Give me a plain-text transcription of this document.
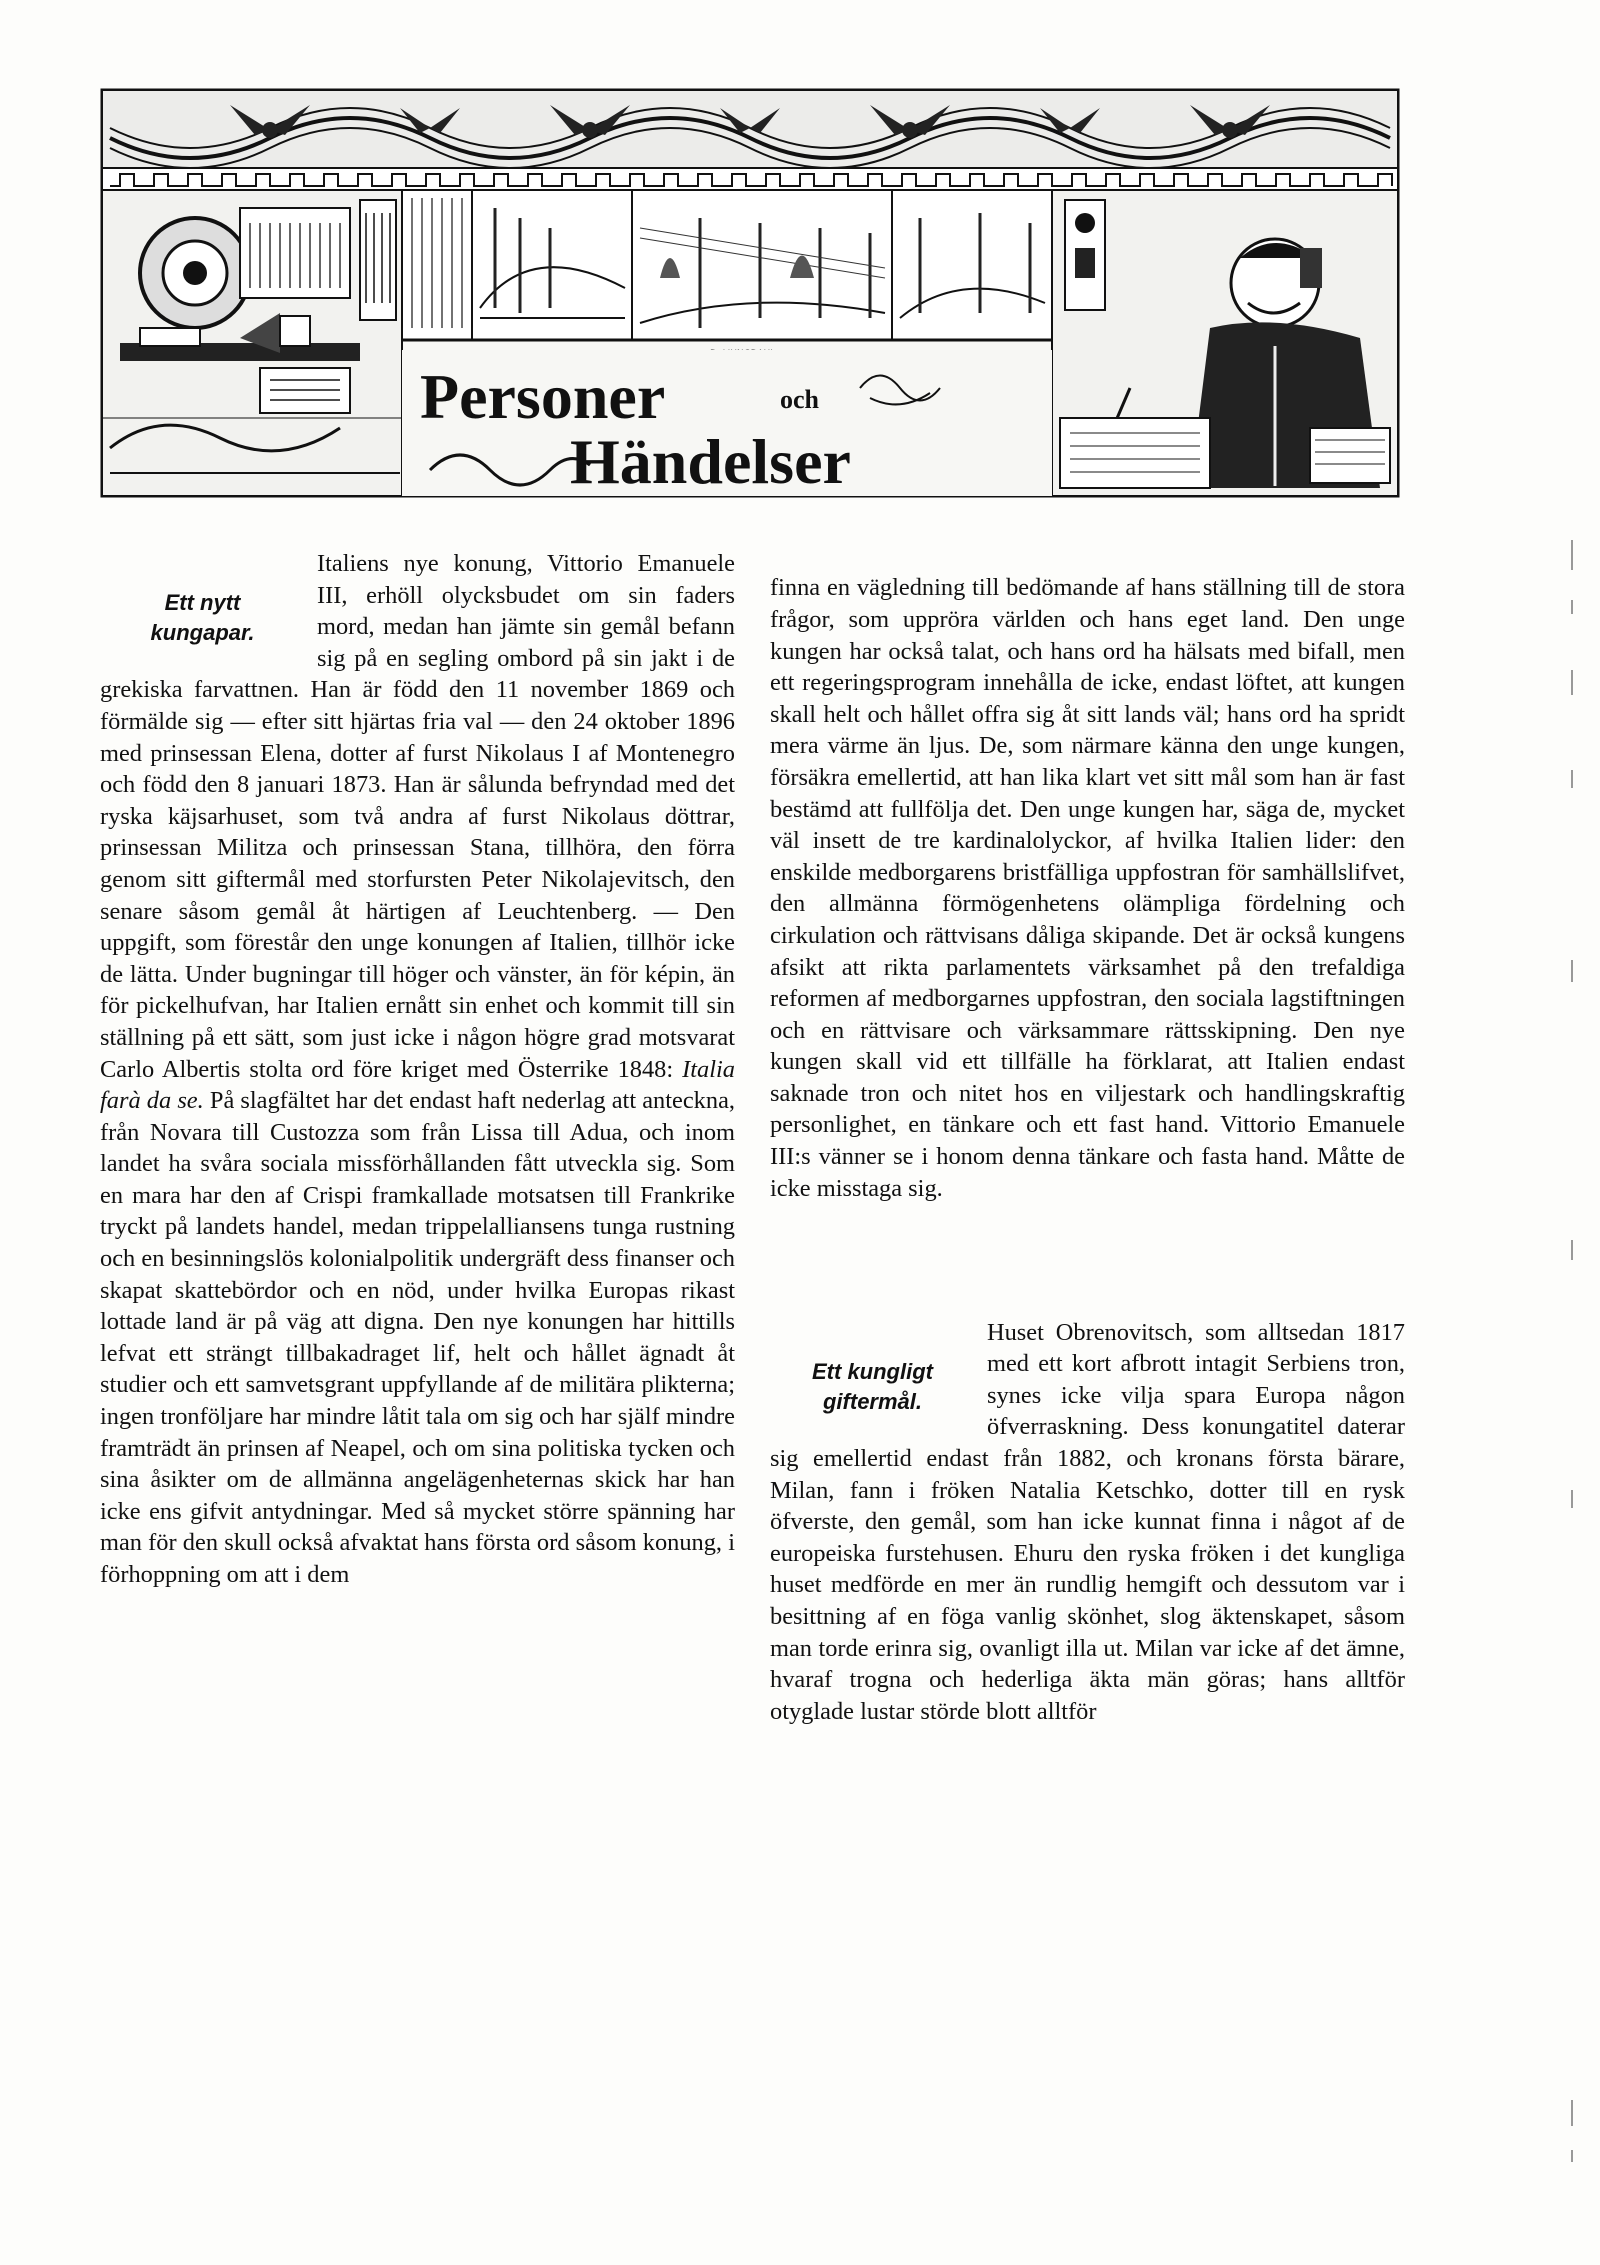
Personer	och
Händelser
Ett nytt
kungapar.

Italiens nye konung, Vittorio Emanuele III, erhöll olycksbudet om sin faders mord, medan han jämte sin gemål befann sig på en segling ombord på sin jakt i de grekiska farvattnen. Han är född den 11 november 1869 och förmälde sig — efter sitt hjärtas fria val — den 24 oktober 1896 med prinsessan Elena, dotter af furst Nikolaus I af Montenegro och född den 8 januari 1873. Han är sålunda befryndad med det ryska käjsarhuset, som två andra af furst Nikolaus döttrar, prinsessan Militza och prinsessan Stana, tillhöra, den förra genom sitt giftermål med storfursten Peter Nikolajevitsch, den senare såsom gemål åt härtigen af Leuchtenberg. — Den uppgift, som förestår den unge konungen af Italien, tillhör icke de lätta. Under bugningar till höger och vänster, än för képin, än för pickelhufvan, har Italien ernått sin enhet och kommit till sin ställning på ett sätt, som just icke i någon högre grad motsvarat Carlo Albertis stolta ord före kriget med Österrike 1848: Italia farà da se. På slagfältet har det endast haft nederlag att anteckna, från Novara till Custozza som från Lissa till Adua, och inom landet ha svåra sociala missförhållanden fått utveckla sig. Som en mara har den af Crispi framkallade motsatsen till Frankrike tryckt på landets handel, medan trippelalliansens tunga rustning och en besinningslös kolonialpolitik undergräft dess finanser och skapat skattebördor och en nöd, under hvilka Europas rikast lottade land är på väg att digna. Den nye konungen har hittills lefvat ett strängt tillbakadraget lif, helt och hållet ägnadt åt studier och ett samvetsgrant uppfyllande af de militära plikterna; ingen tronföljare har mindre låtit tala om sig och har själf mindre framträdt än prinsen af Neapel, och om sina politiska tycken och sina åsikter om de allmänna angelägenheternas skick har han icke ens gifvit antydningar. Med så mycket större spänning har man för den skull också afvaktat hans första ord såsom konung, i förhoppning om att i dem

finna en vägledning till bedömande af hans ställning till de stora frågor, som uppröra världen och hans eget land. Den unge kungen har också talat, och hans ord ha hälsats med bifall, men ett regeringsprogram innehålla de icke, endast löftet, att kungen skall helt och hållet offra sig åt sitt lands väl; hans ord ha spridt mera värme än ljus. De, som närmare känna den unge kungen, försäkra emellertid, att han lika klart vet sitt mål som han är fast bestämd att fullfölja det. Den unge kungen har, säga de, mycket väl insett de tre kardinalolyckor, af hvilka Italien lider: den enskilde medborgarens bristfälliga uppfostran för samhällslifvet, den allmänna förmögenhetens olämpliga fördelning och cirkulation och rättvisans dåliga skipande. Det är också kungens afsikt att rikta parlamentets värksamhet på den trefaldiga reformen af medborgarnes uppfostran, den sociala lagstiftningen och en rättvisare och värksammare rättsskipning. Den nye kungen skall vid ett tillfälle ha förklarat, att Italien endast saknade tron och nitet hos en viljestark och handlingskraftig personlighet, en tänkare och ett fast hand. Vittorio Emanuele III:s vänner se i honom denna tänkare och fasta hand. Måtte de icke misstaga sig.

Ett kungligt
giftermål.

Huset Obrenovitsch, som alltsedan 1817 med ett kort afbrott intagit Serbiens tron, synes icke vilja spara Europa någon öfverraskning. Dess konungatitel daterar sig emellertid endast från 1882, och kronans första bärare, Milan, fann i fröken Natalia Ketschko, dotter till en rysk öfverste, den gemål, som han icke kunnat finna i något af de europeiska furstehusen. Ehuru den ryska fröken i det kungliga huset medförde en mer än rundlig hemgift och dessutom var i besittning af en föga vanlig skönhet, slog äktenskapet, såsom man torde erinra sig, ovanligt illa ut. Milan var icke af det ämne, hvaraf trogna och hederliga äkta män göras; hans alltför otyglade lustar störde blott alltför
